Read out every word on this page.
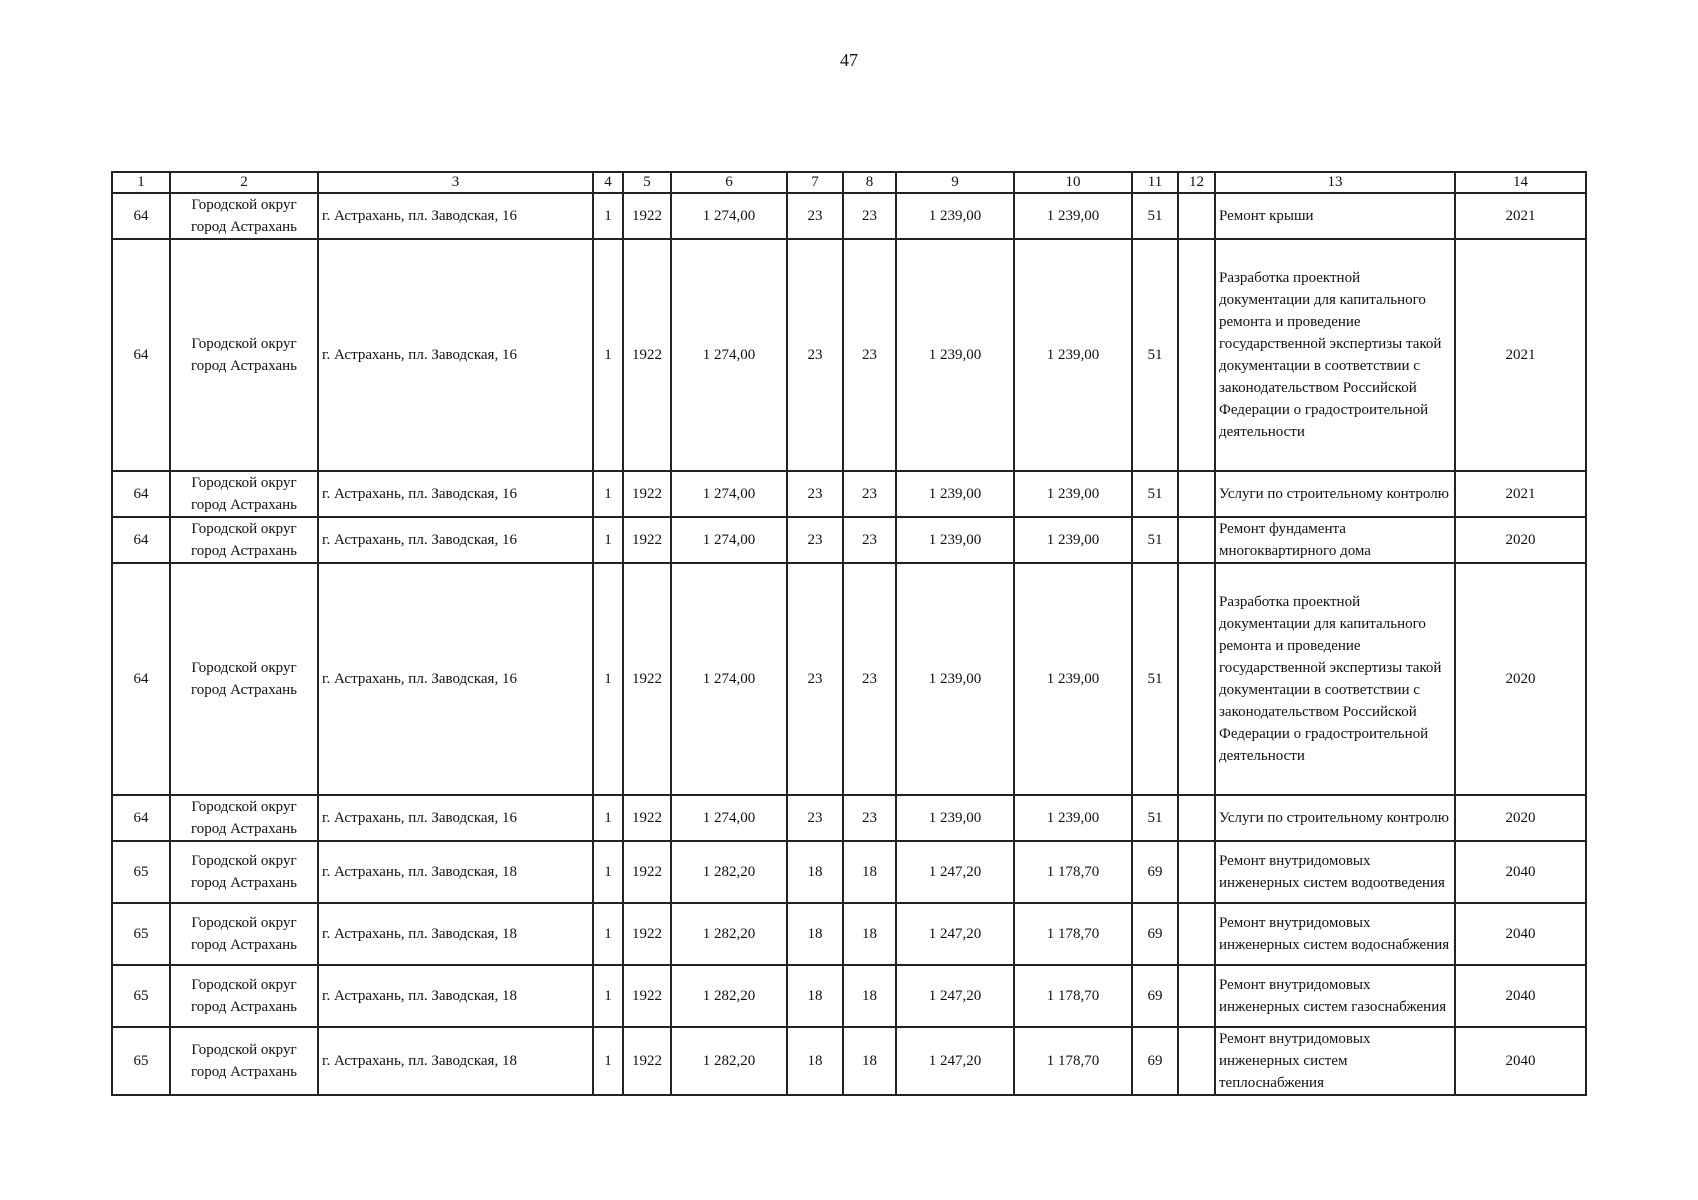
47
1	2	3	4	5	6	7	8	9	10	11	12	13	14
64	Городской округ город Астрахань	г. Астрахань, пл. Заводская, 16	1	1922	1 274,00	23	23	1 239,00	1 239,00	51		Ремонт крыши	2021
64	Городской округ город Астрахань	г. Астрахань, пл. Заводская, 16	1	1922	1 274,00	23	23	1 239,00	1 239,00	51		Разработка проектной документации для капитального ремонта и проведение государственной экспертизы такой документации в соответствии с законодательством Российской Федерации о градостроительной деятельности	2021
64	Городской округ город Астрахань	г. Астрахань, пл. Заводская, 16	1	1922	1 274,00	23	23	1 239,00	1 239,00	51		Услуги по строительному контролю	2021
64	Городской округ город Астрахань	г. Астрахань, пл. Заводская, 16	1	1922	1 274,00	23	23	1 239,00	1 239,00	51		Ремонт фундамента многоквартирного дома	2020
64	Городской округ город Астрахань	г. Астрахань, пл. Заводская, 16	1	1922	1 274,00	23	23	1 239,00	1 239,00	51		Разработка проектной документации для капитального ремонта и проведение государственной экспертизы такой документации в соответствии с законодательством Российской Федерации о градостроительной деятельности	2020
64	Городской округ город Астрахань	г. Астрахань, пл. Заводская, 16	1	1922	1 274,00	23	23	1 239,00	1 239,00	51		Услуги по строительному контролю	2020
65	Городской округ город Астрахань	г. Астрахань, пл. Заводская, 18	1	1922	1 282,20	18	18	1 247,20	1 178,70	69		Ремонт внутридомовых инженерных систем водоотведения	2040
65	Городской округ город Астрахань	г. Астрахань, пл. Заводская, 18	1	1922	1 282,20	18	18	1 247,20	1 178,70	69		Ремонт внутридомовых инженерных систем водоснабжения	2040
65	Городской округ город Астрахань	г. Астрахань, пл. Заводская, 18	1	1922	1 282,20	18	18	1 247,20	1 178,70	69		Ремонт внутридомовых инженерных систем газоснабжения	2040
65	Городской округ город Астрахань	г. Астрахань, пл. Заводская, 18	1	1922	1 282,20	18	18	1 247,20	1 178,70	69		Ремонт внутридомовых инженерных систем теплоснабжения	2040
